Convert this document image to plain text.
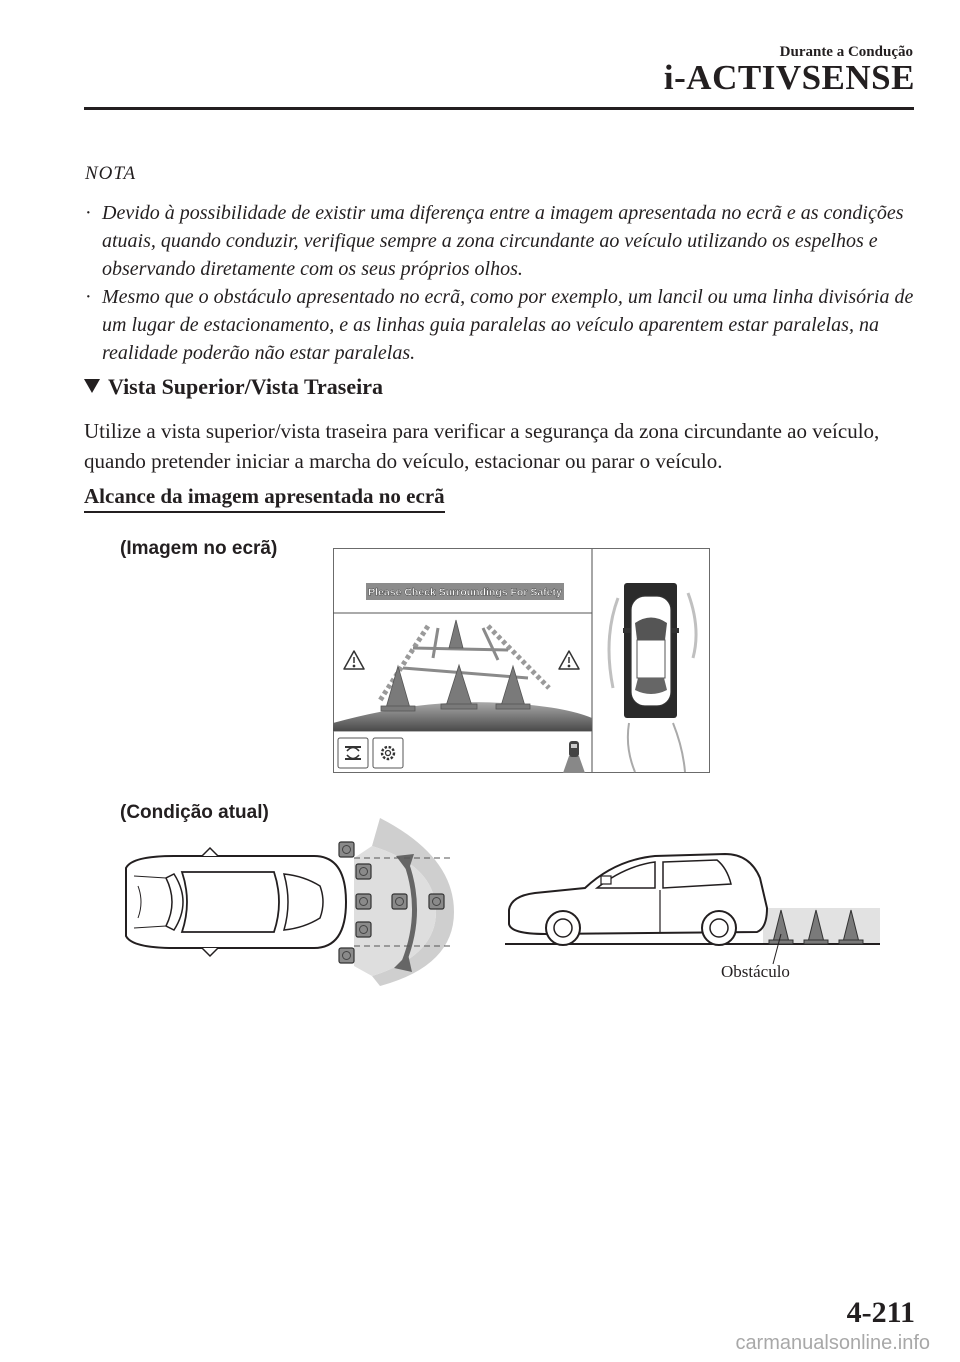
Durante a Condução
i-ACTIVSENSE
NOTA
· Devido à possibilidade de existir uma diferença entre a imagem apresentada no ecrã e as condições atuais, quando conduzir, verifique sempre a zona circundante ao veículo utilizando os espelhos e observando diretamente com os seus próprios olhos.
· Mesmo que o obstáculo apresentado no ecrã, como por exemplo, um lancil ou uma linha divisória de um lugar de estacionamento, e as linhas guia paralelas ao veículo aparentem estar paralelas, na realidade poderão não estar paralelas.
Vista Superior/Vista Traseira

Utilize a vista superior/vista traseira para verificar a segurança da zona circundante ao veículo, quando pretender iniciar a marcha do veículo, estacionar ou parar o veículo.

Alcance da imagem apresentada no ecrã
(Imagem no ecrã)
Please Check Surroundings For Safety
(Condição atual)
Obstáculo
4-211
carmanualsonline.info
